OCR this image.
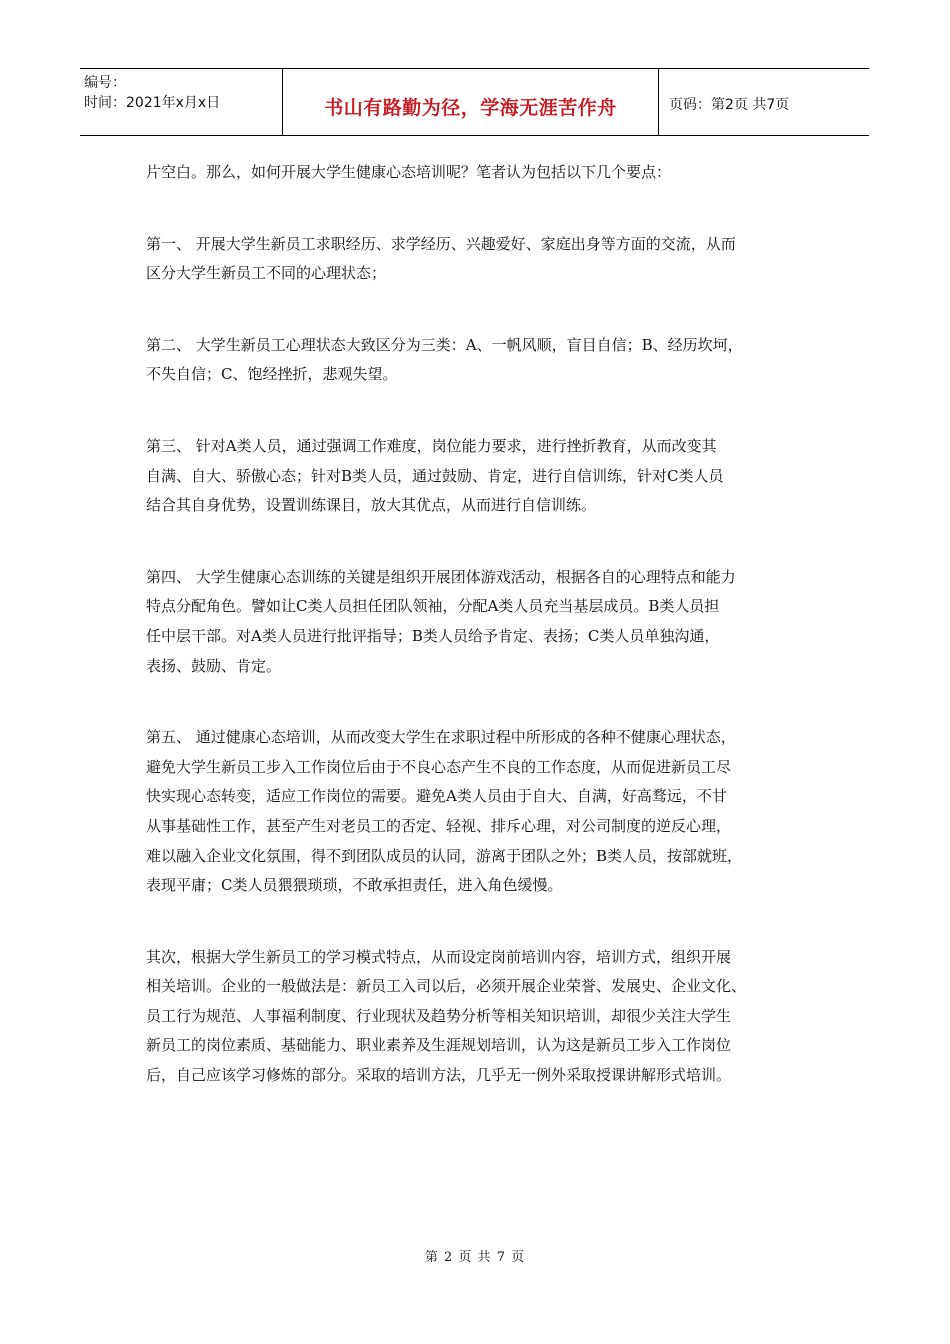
编号：
时间：2021年x月x日	书山有路勤为径，学海无涯苦作舟	页码：第2页 共7页
片空白。那么，如何开展大学生健康心态培训呢？笔者认为包括以下几个要点：
第一、 开展大学生新员工求职经历、求学经历、兴趣爱好、家庭出身等方面的交流，从而
区分大学生新员工不同的心理状态；
第二、 大学生新员工心理状态大致区分为三类：A、一帆风顺，盲目自信；B、经历坎坷，
不失自信；C、饱经挫折，悲观失望。
第三、 针对A类人员，通过强调工作难度，岗位能力要求，进行挫折教育，从而改变其
自满、自大、骄傲心态；针对B类人员，通过鼓励、肯定，进行自信训练，针对C类人员
结合其自身优势，设置训练课目，放大其优点，从而进行自信训练。
第四、 大学生健康心态训练的关键是组织开展团体游戏活动，根据各自的心理特点和能力
特点分配角色。譬如让C类人员担任团队领袖，分配A类人员充当基层成员。B类人员担
任中层干部。对A类人员进行批评指导；B类人员给予肯定、表扬；C类人员单独沟通，
表扬、鼓励、肯定。
第五、 通过健康心态培训，从而改变大学生在求职过程中所形成的各种不健康心理状态，
避免大学生新员工步入工作岗位后由于不良心态产生不良的工作态度，从而促进新员工尽
快实现心态转变，适应工作岗位的需要。避免A类人员由于自大、自满，好高骛远，不甘
从事基础性工作，甚至产生对老员工的否定、轻视、排斥心理，对公司制度的逆反心理，
难以融入企业文化氛围，得不到团队成员的认同，游离于团队之外；B类人员，按部就班，
表现平庸；C类人员猥猥琐琐，不敢承担责任，进入角色缓慢。
其次，根据大学生新员工的学习模式特点，从而设定岗前培训内容，培训方式，组织开展
相关培训。企业的一般做法是：新员工入司以后，必须开展企业荣誉、发展史、企业文化、
员工行为规范、人事福利制度、行业现状及趋势分析等相关知识培训，却很少关注大学生
新员工的岗位素质、基础能力、职业素养及生涯规划培训，认为这是新员工步入工作岗位
后，自己应该学习修炼的部分。采取的培训方法，几乎无一例外采取授课讲解形式培训。
第 2 页 共 7 页
